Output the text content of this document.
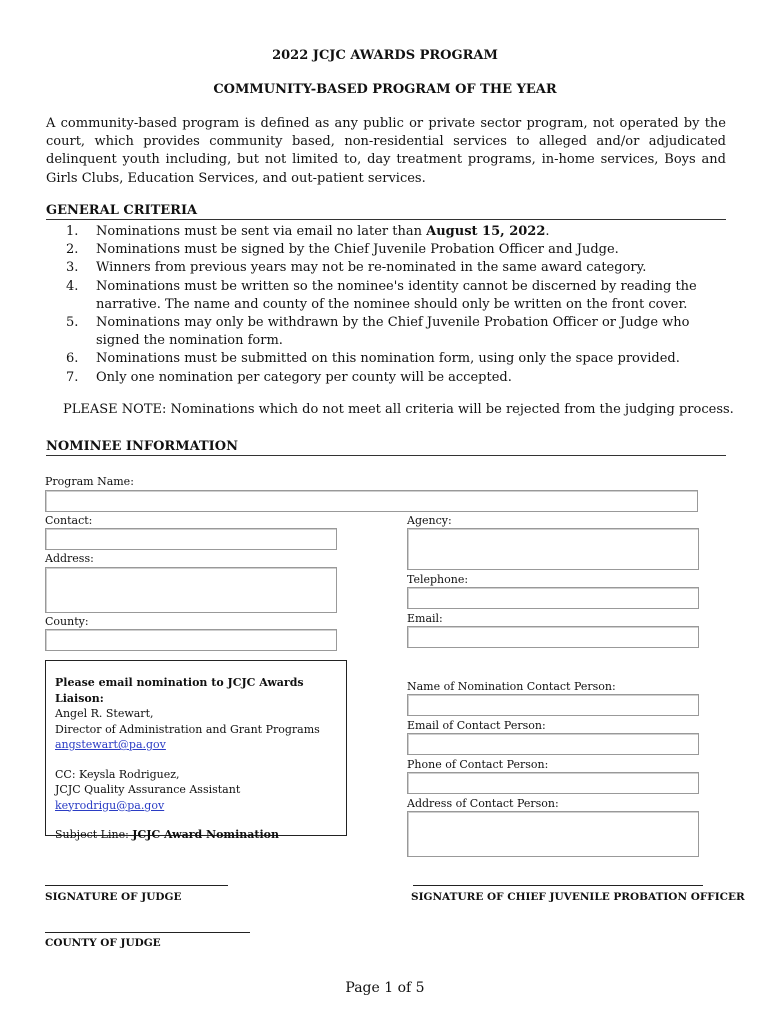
2022 JCJC AWARDS PROGRAM
COMMUNITY-BASED PROGRAM OF THE YEAR
A community-based program is defined as any public or private sector program, not operated by the court, which provides community based, non-residential services to alleged and/or adjudicated delinquent youth including, but not limited to, day treatment programs, in-home services, Boys and Girls Clubs, Education Services, and out-patient services.
GENERAL CRITERIA
1. Nominations must be sent via email no later than August 15, 2022.
2. Nominations must be signed by the Chief Juvenile Probation Officer and Judge.
3. Winners from previous years may not be re-nominated in the same award category.
4. Nominations must be written so the nominee's identity cannot be discerned by reading the narrative. The name and county of the nominee should only be written on the front cover.
5. Nominations may only be withdrawn by the Chief Juvenile Probation Officer or Judge who signed the nomination form.
6. Nominations must be submitted on this nomination form, using only the space provided.
7. Only one nomination per category per county will be accepted.
PLEASE NOTE: Nominations which do not meet all criteria will be rejected from the judging process.
NOMINEE INFORMATION
Program Name:
Contact:	Agency:
Address:
Telephone:
County:	Email:
Please email nomination to JCJC Awards Liaison:
Angel R. Stewart,
Director of Administration and Grant Programs
angstewart@pa.gov
CC: Keysla Rodriguez,
JCJC Quality Assurance Assistant
keyrodrigu@pa.gov
Subject Line: JCJC Award Nomination
Name of Nomination Contact Person:
Email of Contact Person:
Phone of Contact Person:
Address of Contact Person:
SIGNATURE OF JUDGE	SIGNATURE OF CHIEF JUVENILE PROBATION OFFICER
COUNTY OF JUDGE
Page 1 of 5
